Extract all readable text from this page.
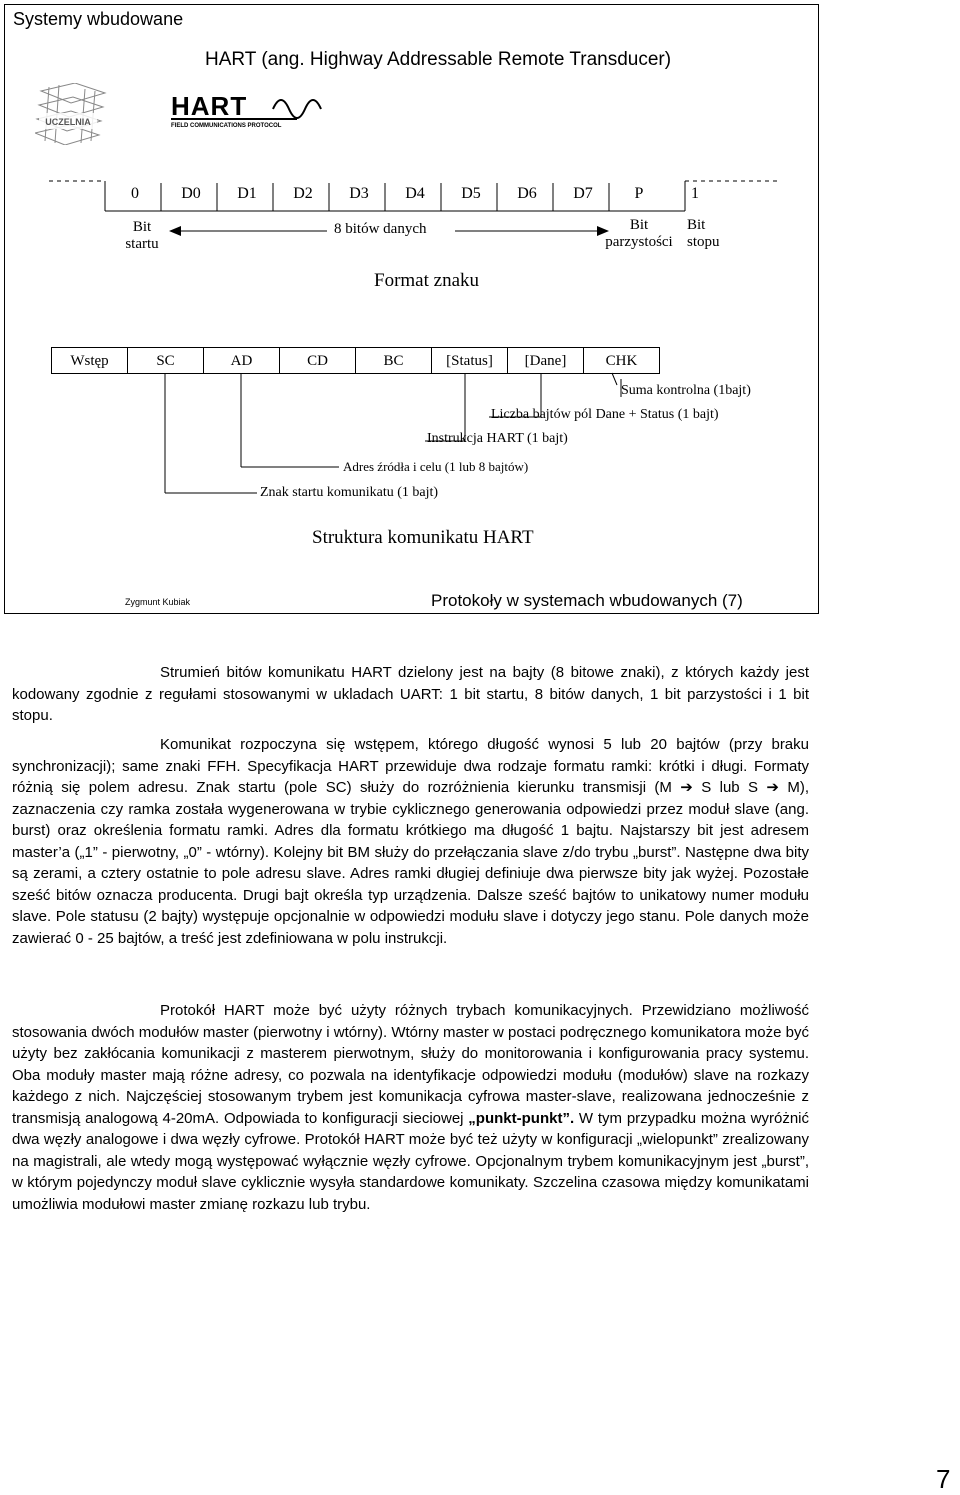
Systemy wbudowane
HART (ang. Highway Addressable Remote Transducer)
UCZELNIA
HART
FIELD COMMUNICATIONS PROTOCOL
0	D0	D1	D2	D3	D4	D5	D6	D7	P	1
Bit
startu
8 bitów danych	Bit
parzystości
Bit
stopu
Format znaku
Wstęp	SC	AD	CD	BC	[Status]	[Dane]	CHK
Suma kontrolna (1bajt)
Liczba bajtów pól Dane + Status (1 bajt)
Instrukcja HART (1 bajt)
Adres źródła i celu (1 lub 8 bajtów)
Znak startu komunikatu (1 bajt)
Struktura komunikatu HART
Zygmunt Kubiak	Protokoły w systemach wbudowanych (7)
Strumień bitów komunikatu HART dzielony jest na bajty (8 bitowe znaki), z których każdy jest kodowany zgodnie z regułami stosowanymi w ukladach UART: 1 bit startu, 8 bitów danych, 1 bit parzystości i 1 bit stopu.
Komunikat rozpoczyna się wstępem, którego długość wynosi 5 lub 20 bajtów (przy braku synchronizacji); same znaki FFH. Specyfikacja HART przewiduje dwa rodzaje formatu ramki: krótki i długi. Formaty różnią się polem adresu. Znak startu (pole SC) służy do rozróżnienia kierunku transmisji (M ➔ S lub S ➔ M), zaznaczenia czy ramka została wygenerowana w trybie cyklicznego generowania odpowiedzi przez moduł slave (ang. burst) oraz określenia formatu ramki. Adres dla formatu krótkiego ma długość 1 bajtu. Najstarszy bit jest adresem master’a („1” - pierwotny, „0” - wtórny). Kolejny bit BM służy do przełączania slave z/do trybu „burst”. Następne dwa bity są zerami, a cztery ostatnie to pole adresu slave. Adres ramki długiej definiuje dwa pierwsze bity jak wyżej. Pozostałe sześć bitów oznacza producenta. Drugi bajt określa typ urządzenia. Dalsze sześć bajtów to unikatowy numer modułu slave. Pole statusu (2 bajty) występuje opcjonalnie w odpowiedzi modułu slave i dotyczy jego stanu. Pole danych może zawierać 0 - 25 bajtów, a treść jest zdefiniowana w polu instrukcji.
Protokół HART może być użyty różnych trybach komunikacyjnych. Przewidziano możliwość stosowania dwóch modułów master (pierwotny i wtórny). Wtórny master w postaci podręcznego komunikatora może być użyty bez zakłócania komunikacji z masterem pierwotnym, służy do monitorowania i konfigurowania pracy systemu. Oba moduły master mają różne adresy, co pozwala na identyfikacje odpowiedzi modułu (modułów) slave na rozkazy każdego z nich. Najczęściej stosowanym trybem jest komunikacja cyfrowa master-slave, realizowana jednocześnie z transmisją analogową 4-20mA. Odpowiada to konfiguracji sieciowej „punkt-punkt”. W tym przypadku można wyróżnić dwa węzły analogowe i dwa węzły cyfrowe. Protokół HART może być też użyty w konfiguracji „wielopunkt” zrealizowany na magistrali, ale wtedy mogą występować wyłącznie węzły cyfrowe. Opcjonalnym trybem komunikacyjnym jest „burst”, w którym pojedynczy moduł slave cyklicznie wysyła standardowe komunikaty. Szczelina czasowa między komunikatami umożliwia modułowi master zmianę rozkazu lub trybu.
7
